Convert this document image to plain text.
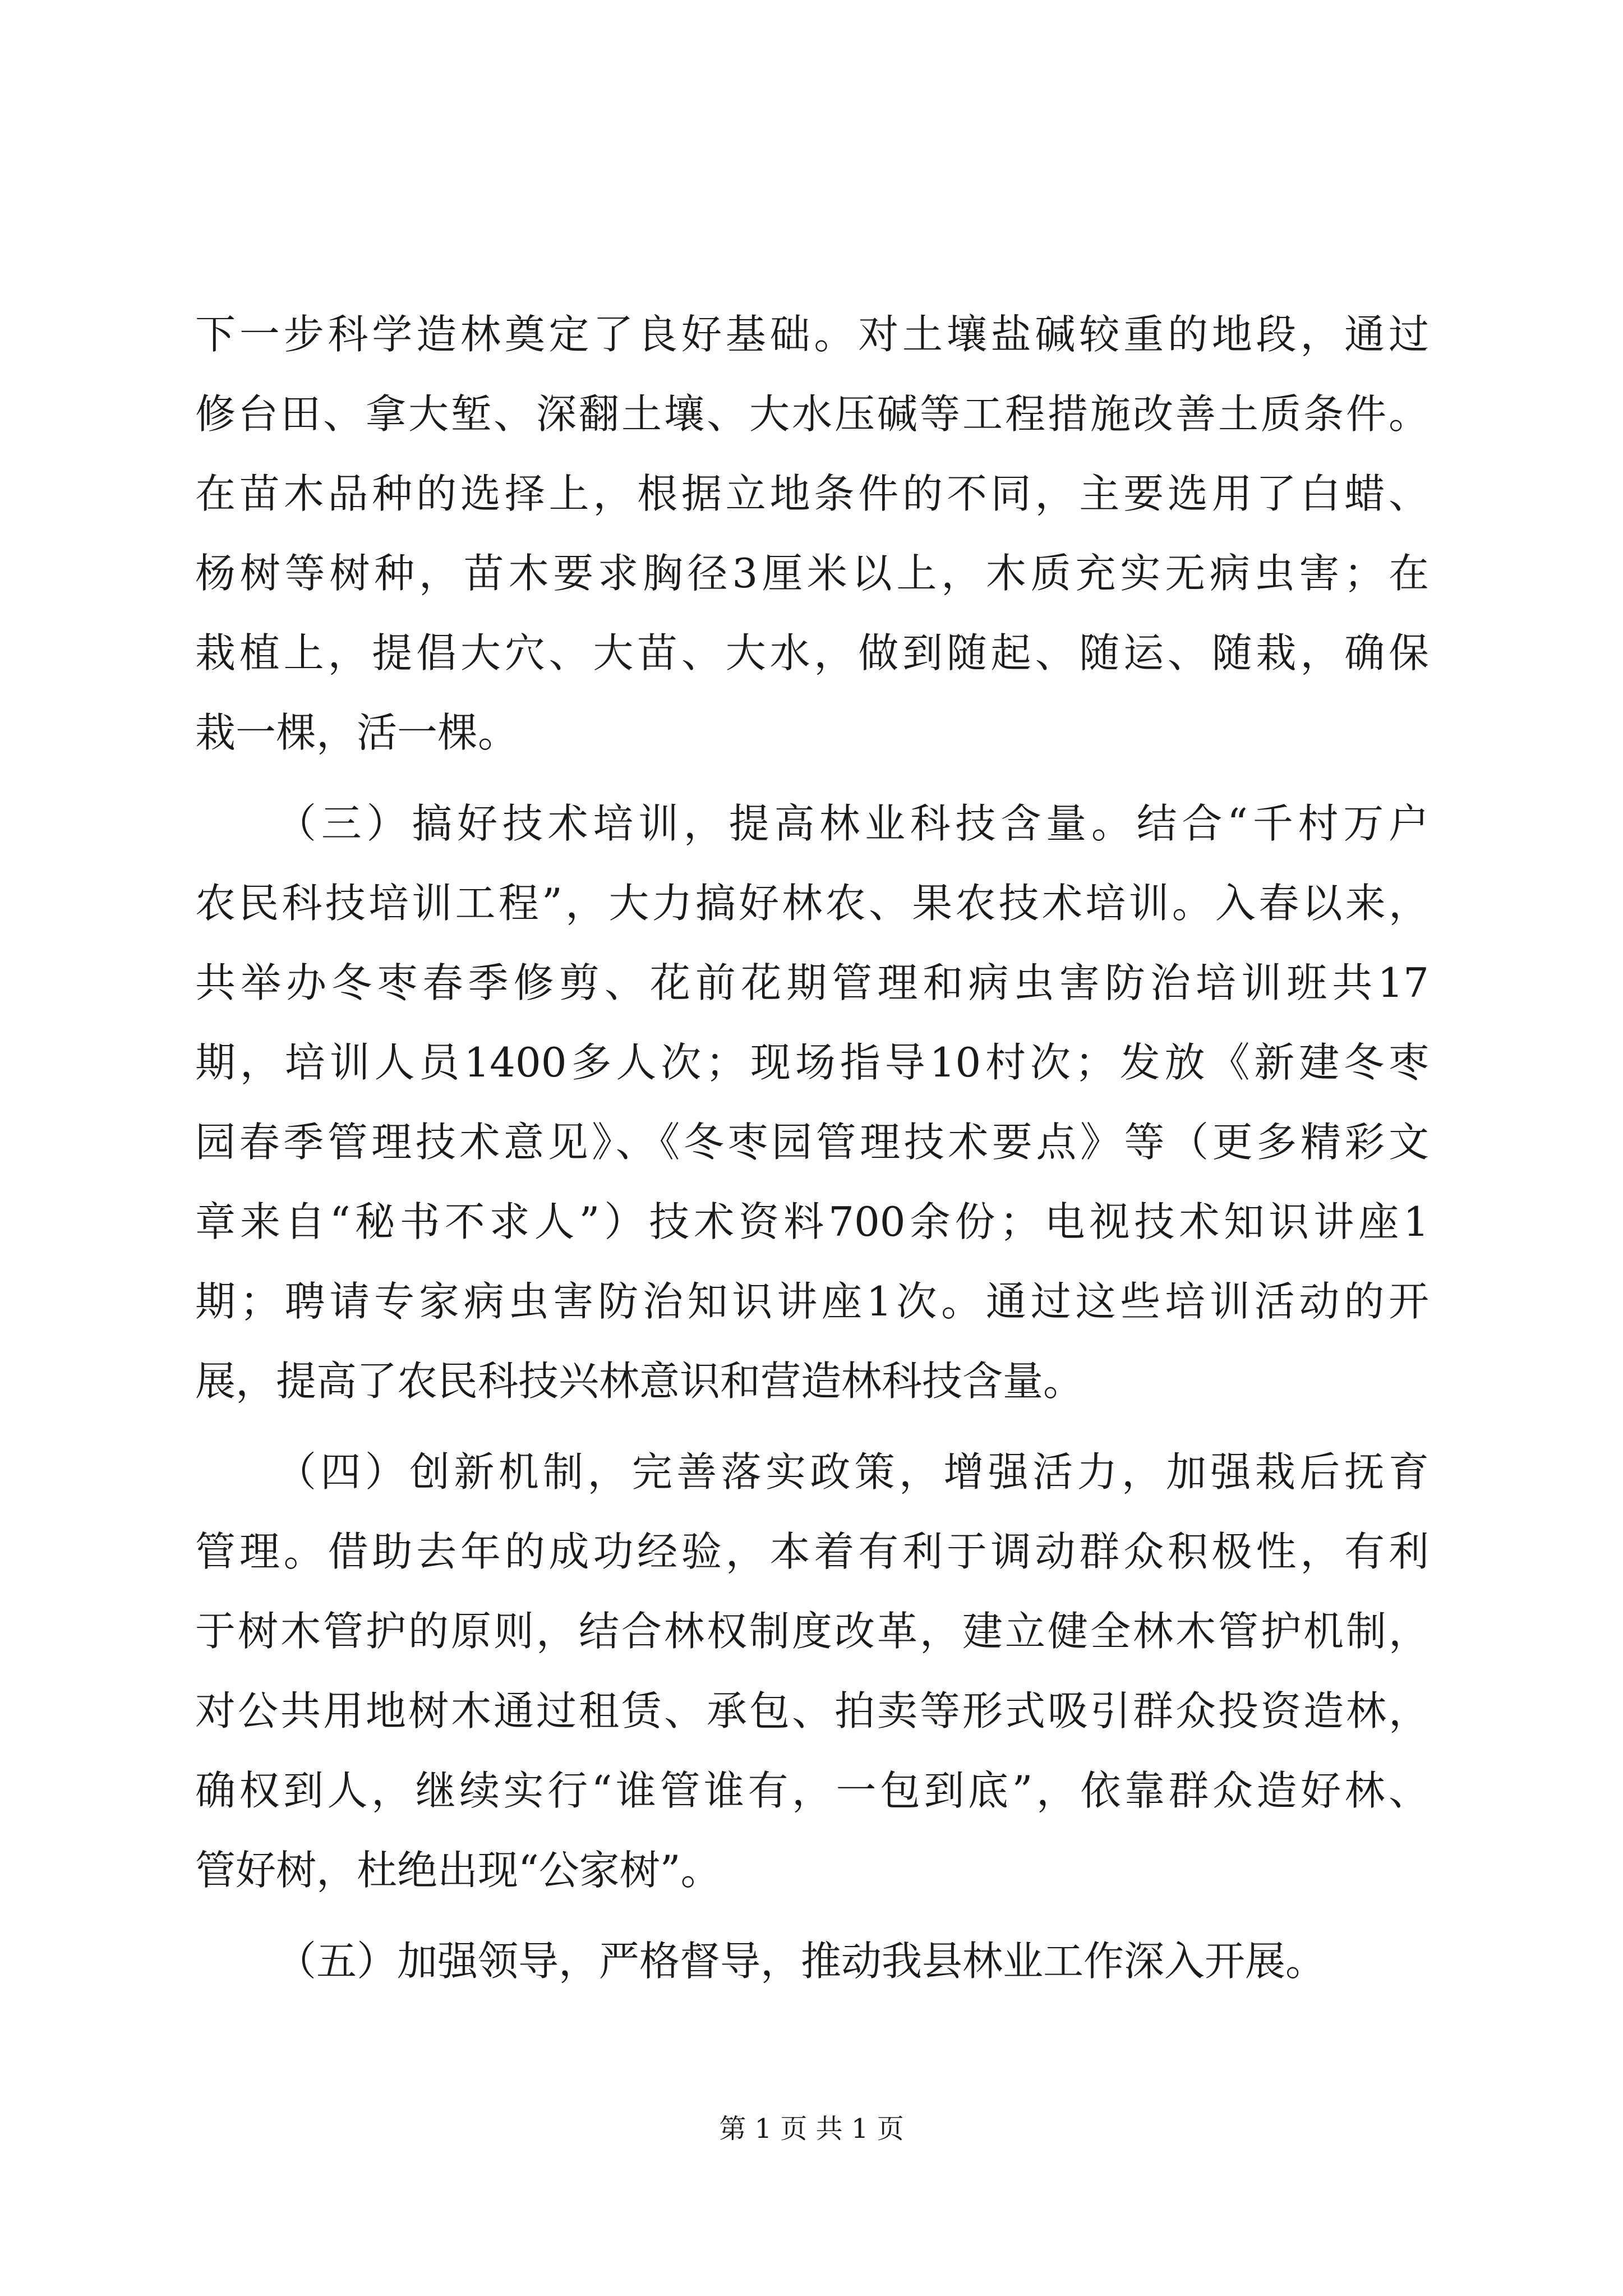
下一步科学造林奠定了良好基础。对土壤盐碱较重的地段，通过
修台田、拿大堑、深翻土壤、大水压碱等工程措施改善土质条件。
在苗木品种的选择上，根据立地条件的不同，主要选用了白蜡、
杨树等树种，苗木要求胸径3厘米以上，木质充实无病虫害；在
栽植上，提倡大穴、大苗、大水，做到随起、随运、随栽，确保
栽一棵，活一棵。
（三）搞好技术培训，提高林业科技含量。结合“千村万户
农民科技培训工程”，大力搞好林农、果农技术培训。入春以来，
共举办冬枣春季修剪、花前花期管理和病虫害防治培训班共17
期，培训人员1400多人次；现场指导10村次；发放《新建冬枣
园春季管理技术意见》、《冬枣园管理技术要点》等（更多精彩文
章来自“秘书不求人”）技术资料700余份；电视技术知识讲座1
期；聘请专家病虫害防治知识讲座1次。通过这些培训活动的开
展，提高了农民科技兴林意识和营造林科技含量。
（四）创新机制，完善落实政策，增强活力，加强栽后抚育
管理。借助去年的成功经验，本着有利于调动群众积极性，有利
于树木管护的原则，结合林权制度改革，建立健全林木管护机制，
对公共用地树木通过租赁、承包、拍卖等形式吸引群众投资造林，
确权到人，继续实行“谁管谁有，一包到底”，依靠群众造好林、
管好树，杜绝出现“公家树”。
（五）加强领导，严格督导，推动我县林业工作深入开展。
第 1 页 共 1 页
